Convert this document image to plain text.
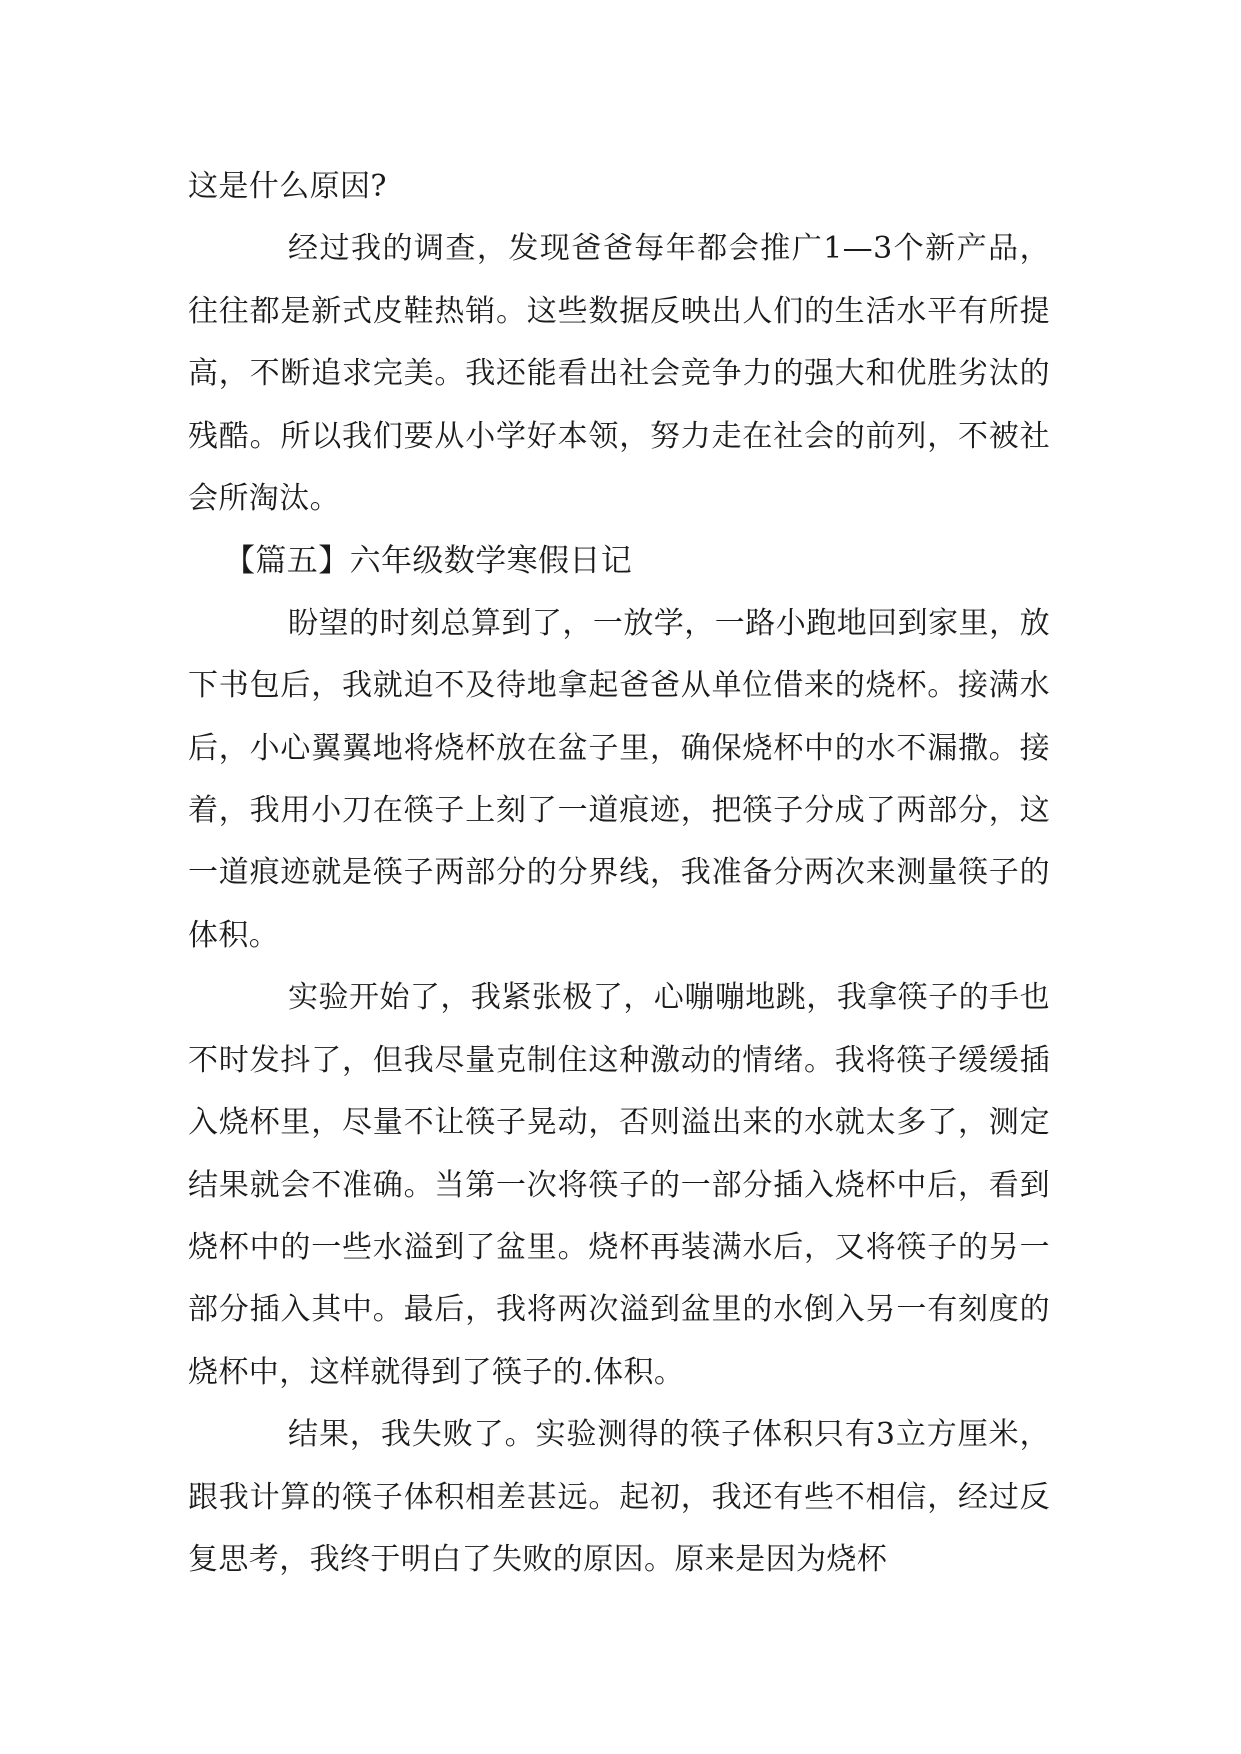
这是什么原因?

经过我的调查，发现爸爸每年都会推广1—3个新产品，往往都是新式皮鞋热销。这些数据反映出人们的生活水平有所提高，不断追求完美。我还能看出社会竞争力的强大和优胜劣汰的残酷。所以我们要从小学好本领，努力走在社会的前列，不被社会所淘汰。

【篇五】六年级数学寒假日记

盼望的时刻总算到了，一放学，一路小跑地回到家里，放下书包后，我就迫不及待地拿起爸爸从单位借来的烧杯。接满水后，小心翼翼地将烧杯放在盆子里，确保烧杯中的水不漏撒。接着，我用小刀在筷子上刻了一道痕迹，把筷子分成了两部分，这一道痕迹就是筷子两部分的分界线，我准备分两次来测量筷子的体积。

实验开始了，我紧张极了，心嘣嘣地跳，我拿筷子的手也不时发抖了，但我尽量克制住这种激动的情绪。我将筷子缓缓插入烧杯里，尽量不让筷子晃动，否则溢出来的水就太多了，测定结果就会不准确。当第一次将筷子的一部分插入烧杯中后，看到烧杯中的一些水溢到了盆里。烧杯再装满水后，又将筷子的另一部分插入其中。最后，我将两次溢到盆里的水倒入另一有刻度的烧杯中，这样就得到了筷子的.体积。

结果，我失败了。实验测得的筷子体积只有3立方厘米，跟我计算的筷子体积相差甚远。起初，我还有些不相信，经过反复思考，我终于明白了失败的原因。原来是因为烧杯
